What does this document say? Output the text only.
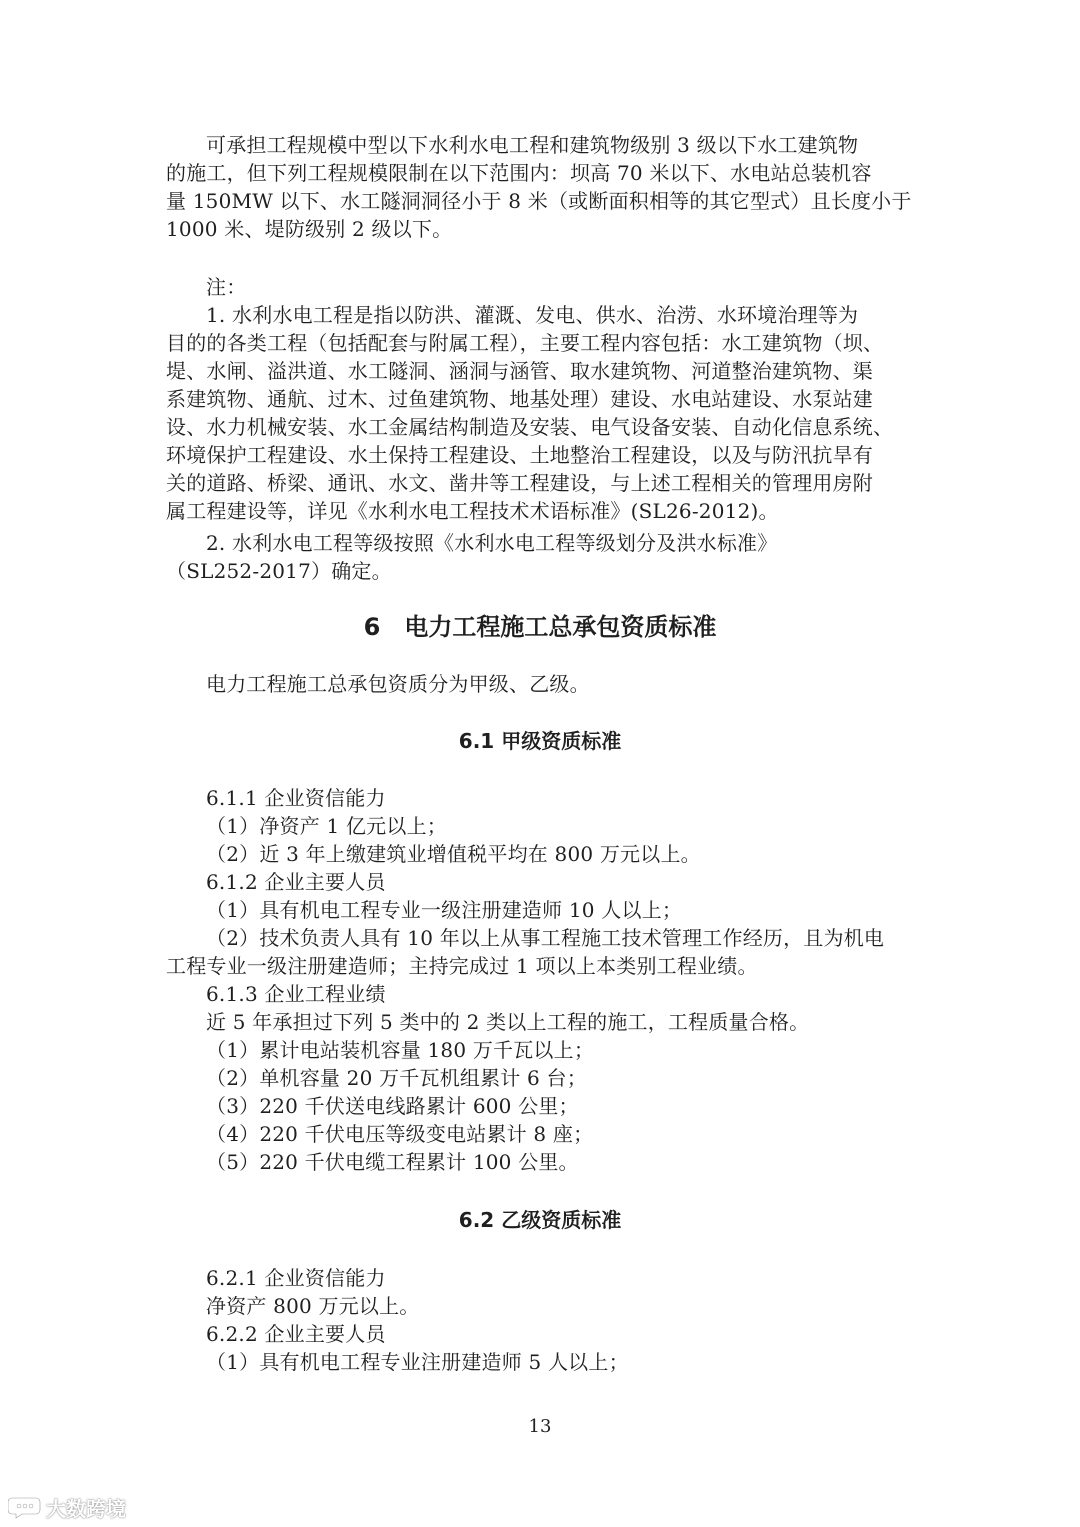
可承担工程规模中型以下水利水电工程和建筑物级别 3 级以下水工建筑物
的施工，但下列工程规模限制在以下范围内：坝高 70 米以下、水电站总装机容
量 150MW 以下、水工隧洞洞径小于 8 米（或断面积相等的其它型式）且长度小于
1000 米、堤防级别 2 级以下。
注：
1. 水利水电工程是指以防洪、灌溉、发电、供水、治涝、水环境治理等为
目的的各类工程（包括配套与附属工程），主要工程内容包括：水工建筑物（坝、
堤、水闸、溢洪道、水工隧洞、涵洞与涵管、取水建筑物、河道整治建筑物、渠
系建筑物、通航、过木、过鱼建筑物、地基处理）建设、水电站建设、水泵站建
设、水力机械安装、水工金属结构制造及安装、电气设备安装、自动化信息系统、
环境保护工程建设、水土保持工程建设、土地整治工程建设，以及与防汛抗旱有
关的道路、桥梁、通讯、水文、凿井等工程建设，与上述工程相关的管理用房附
属工程建设等，详见《水利水电工程技术术语标准》(SL26-2012)。
2. 水利水电工程等级按照《水利水电工程等级划分及洪水标准》
（SL252-2017）确定。
6　电力工程施工总承包资质标准
电力工程施工总承包资质分为甲级、乙级。
6.1 甲级资质标准
6.1.1 企业资信能力
（1）净资产 1 亿元以上；
（2）近 3 年上缴建筑业增值税平均在 800 万元以上。
6.1.2 企业主要人员
（1）具有机电工程专业一级注册建造师 10 人以上；
（2）技术负责人具有 10 年以上从事工程施工技术管理工作经历，且为机电
工程专业一级注册建造师；主持完成过 1 项以上本类别工程业绩。
6.1.3 企业工程业绩
近 5 年承担过下列 5 类中的 2 类以上工程的施工，工程质量合格。
（1）累计电站装机容量 180 万千瓦以上；
（2）单机容量 20 万千瓦机组累计 6 台；
（3）220 千伏送电线路累计 600 公里；
（4）220 千伏电压等级变电站累计 8 座；
（5）220 千伏电缆工程累计 100 公里。
6.2 乙级资质标准
6.2.1 企业资信能力
净资产 800 万元以上。
6.2.2 企业主要人员
（1）具有机电工程专业注册建造师 5 人以上；
13
大数跨境
